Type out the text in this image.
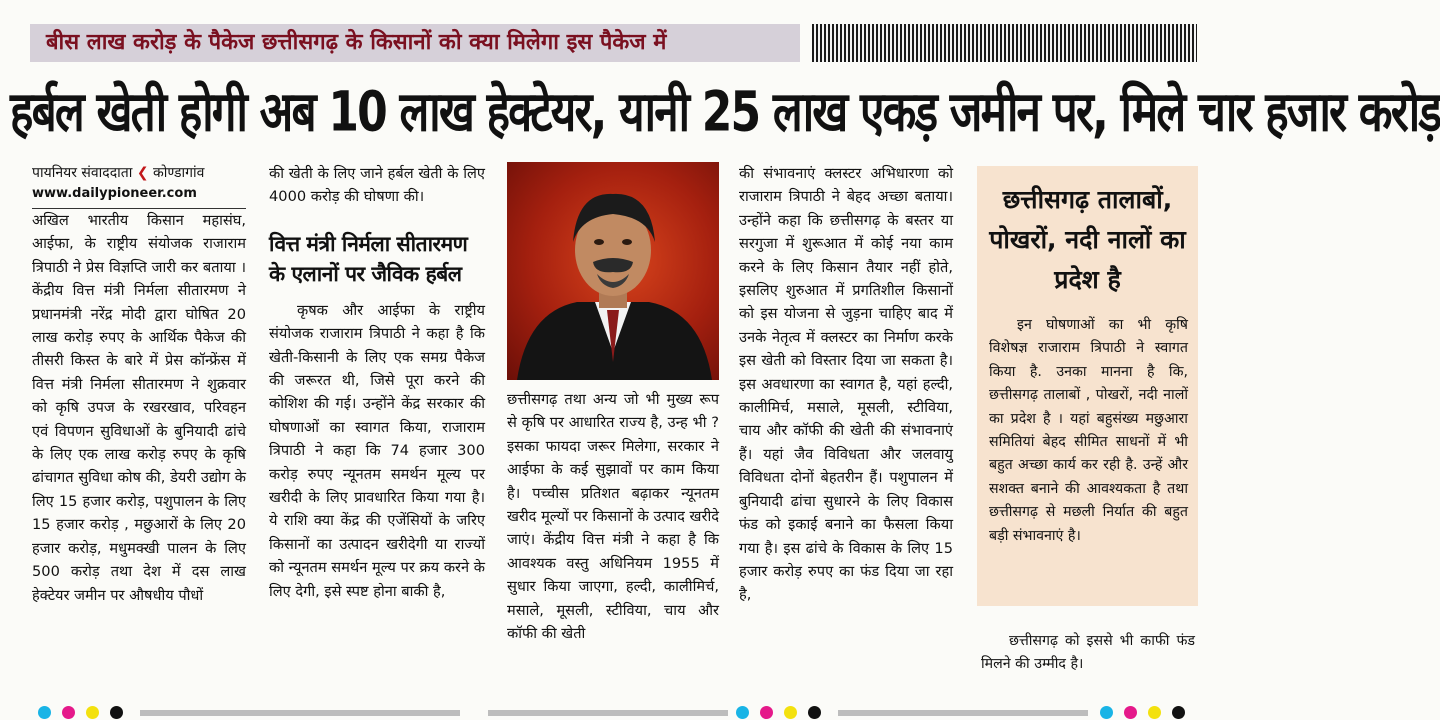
बीस लाख करोड़ के पैकेज छत्तीसगढ़ के किसानों को क्या मिलेगा इस पैकेज में
हर्बल खेती होगी अब 10 लाख हेक्टेयर, यानी 25 लाख एकड़ जमीन पर, मिले चार हजार करोड़

पायनियर संवाददाता ❮ कोण्डागांव

www.dailypioneer.com

अखिल भारतीय किसान महासंघ, आईफा, के राष्ट्रीय संयोजक राजाराम त्रिपाठी ने प्रेस विज्ञप्ति जारी कर बताया । केंद्रीय वित्त मंत्री निर्मला सीतारमण ने प्रधानमंत्री नरेंद्र मोदी द्वारा घोषित 20 लाख करोड़ रुपए के आर्थिक पैकेज की तीसरी किस्त के बारे में प्रेस कॉन्फ्रेंस में वित्त मंत्री निर्मला सीतारमण ने शुक्रवार को कृषि उपज के रखरखाव, परिवहन एवं विपणन सुविधाओं के बुनियादी ढांचे के लिए एक लाख करोड़ रुपए के कृषि ढांचागत सुविधा कोष की, डेयरी उद्योग के लिए 15 हजार करोड़, पशुपालन के लिए 15 हजार करोड़ , मछुआरों के लिए 20 हजार करोड़, मधुमक्खी पालन के लिए 500 करोड़ तथा देश में दस लाख हेक्टेयर जमीन पर औषधीय पौधों

की खेती के लिए जाने हर्बल खेती के लिए 4000 करोड़ की घोषणा की।

वित्त मंत्री निर्मला सीतारमण के एलानों पर जैविक हर्बल

कृषक और आईफा के राष्ट्रीय संयोजक राजाराम त्रिपाठी ने कहा है कि खेती-किसानी के लिए एक समग्र पैकेज की जरूरत थी, जिसे पूरा करने की कोशिश की गई। उन्होंने केंद्र सरकार की घोषणाओं का स्वागत किया, राजाराम त्रिपाठी ने कहा कि 74 हजार 300 करोड़ रुपए न्यूनतम समर्थन मूल्य पर खरीदी के लिए प्रावधारित किया गया है। ये राशि क्या केंद्र की एजेंसियों के जरिए किसानों का उत्पादन खरीदेगी या राज्यों को न्यूनतम समर्थन मूल्य पर क्रय करने के लिए देगी, इसे स्पष्ट होना बाकी है,

छत्तीसगढ़ तथा अन्य जो भी मुख्य रूप से कृषि पर आधारित राज्य है, उन्ह भी ?इसका फायदा जरूर मिलेगा, सरकार ने आईफा के कई सुझावों पर काम किया है। पच्चीस प्रतिशत बढ़ाकर न्यूनतम खरीद मूल्यों पर किसानों के उत्पाद खरीदे जाएं। केंद्रीय वित्त मंत्री ने कहा है कि आवश्यक वस्तु अधिनियम 1955 में सुधार किया जाएगा, हल्दी, कालीमिर्च, मसाले, मूसली, स्टीविया, चाय और कॉफी की खेती

की संभावनाएं क्लस्टर अभिधारणा को राजाराम त्रिपाठी ने बेहद अच्छा बताया। उन्होंने कहा कि छत्तीसगढ़ के बस्तर या सरगुजा में शुरूआत में कोई नया काम करने के लिए किसान तैयार नहीं होते, इसलिए शुरुआत में प्रगतिशील किसानों को इस योजना से जुड़ना चाहिए बाद में उनके नेतृत्व में क्लस्टर का निर्माण करके इस खेती को विस्तार दिया जा सकता है। इस अवधारणा का स्वागत है, यहां हल्दी, कालीमिर्च, मसाले, मूसली, स्टीविया, चाय और कॉफी की खेती की संभावनाएं हैं। यहां जैव विविधता और जलवायु विविधता दोनों बेहतरीन हैं। पशुपालन में बुनियादी ढांचा सुधारने के लिए विकास फंड को इकाई बनाने का फैसला किया गया है। इस ढांचे के विकास के लिए 15 हजार करोड़ रुपए का फंड दिया जा रहा है,

छत्तीसगढ़ तालाबों, पोखरों, नदी नालों का प्रदेश है

इन घोषणाओं का भी कृषि विशेषज्ञ राजाराम त्रिपाठी ने स्वागत किया है. उनका मानना है कि, छत्तीसगढ़ तालाबों , पोखरों, नदी नालों का प्रदेश है । यहां बहुसंख्य मछुआरा समितियां बेहद सीमित साधनों में भी बहुत अच्छा कार्य कर रही है. उन्हें और सशक्त बनाने की आवश्यकता है तथा छत्तीसगढ़ से मछली निर्यात की बहुत बड़ी संभावनाएं है।

छत्तीसगढ़ को इससे भी काफी फंड मिलने की उम्मीद है।
